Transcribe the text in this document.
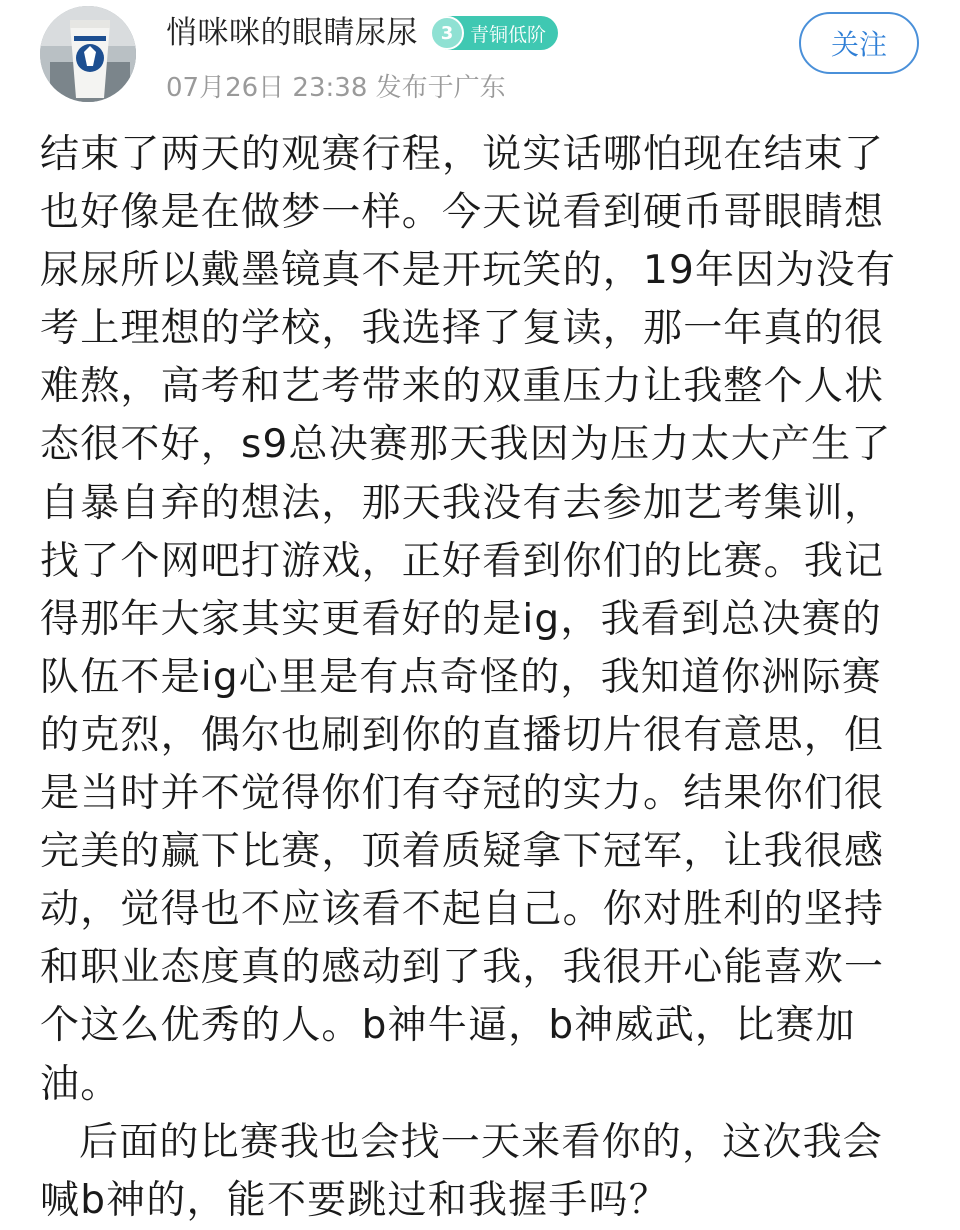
悄咪咪的眼睛尿尿	3 青铜低阶
07月26日 23:38 发布于广东
关注

结束了两天的观赛行程，说实话哪怕现在结束了也好像是在做梦一样。今天说看到硬币哥眼睛想尿尿所以戴墨镜真不是开玩笑的，19年因为没有考上理想的学校，我选择了复读，那一年真的很难熬，高考和艺考带来的双重压力让我整个人状态很不好，s9总决赛那天我因为压力太大产生了自暴自弃的想法，那天我没有去参加艺考集训，找了个网吧打游戏，正好看到你们的比赛。我记得那年大家其实更看好的是ig，我看到总决赛的队伍不是ig心里是有点奇怪的，我知道你洲际赛的克烈，偶尔也刷到你的直播切片很有意思，但是当时并不觉得你们有夺冠的实力。结果你们很完美的赢下比赛，顶着质疑拿下冠军，让我很感动，觉得也不应该看不起自己。你对胜利的坚持和职业态度真的感动到了我，我很开心能喜欢一个这么优秀的人。b神牛逼，b神威武，比赛加油。

后面的比赛我也会找一天来看你的，这次我会喊b神的，能不要跳过和我握手吗？
